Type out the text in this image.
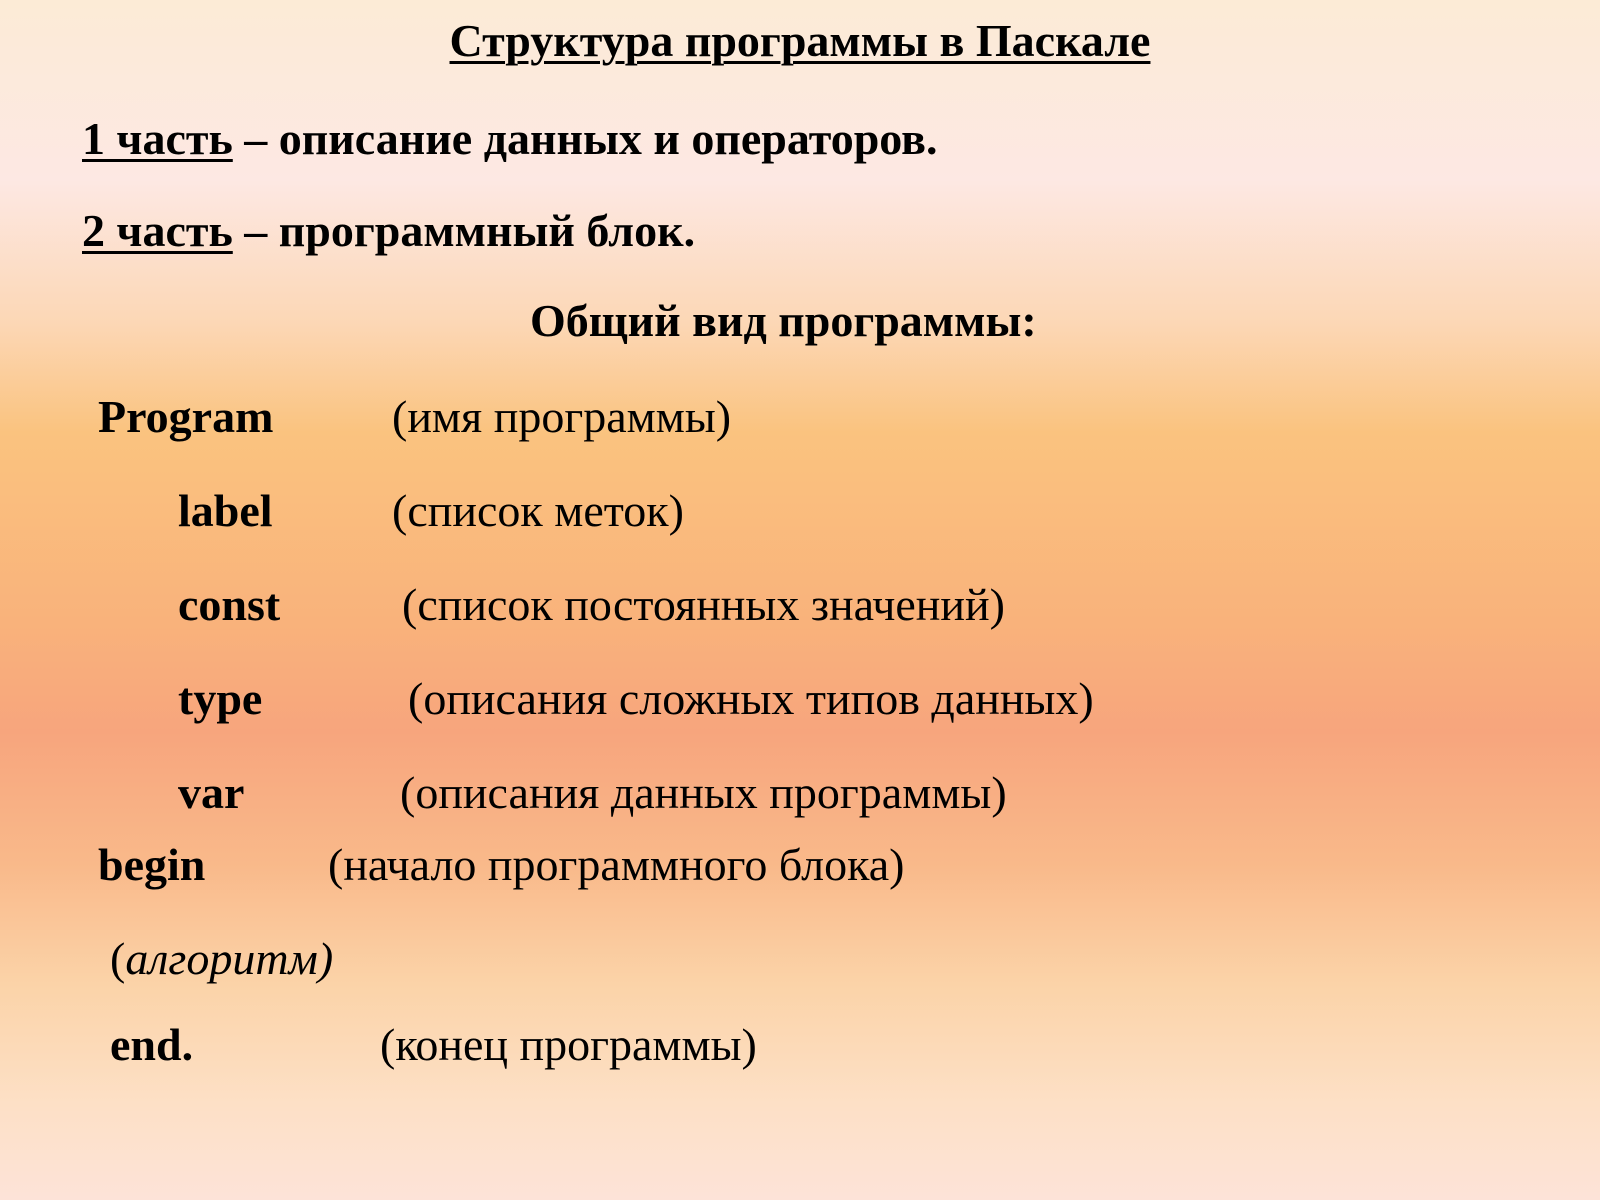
Структура программы в Паскале
1 часть – описание данных и операторов.
2 часть – программный блок.
Общий вид программы:
Program	(имя программы)
label	(список меток)
const	(список постоянных значений)
type	(описания сложных типов данных)
var	(описания данных программы)
begin	(начало программного блока)
(алгоритм)
end.	(конец программы)
